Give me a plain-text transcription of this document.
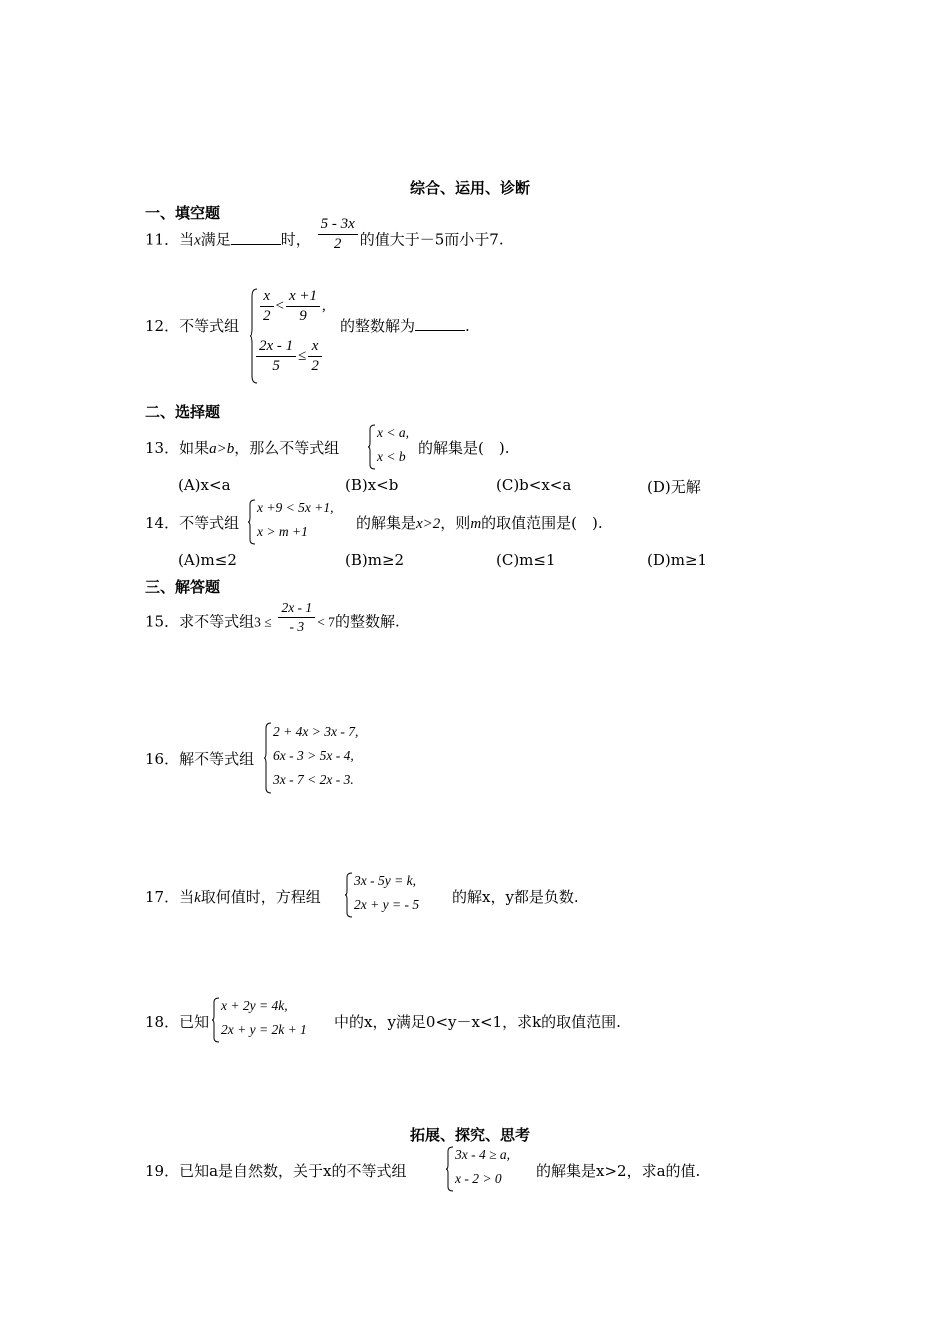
综合、运用、诊断
一、填空题
11．当x满足	时， $\frac{5 - 3x}{2}$ 的值大于－5而小于7.
12．不等式组
$\frac{x}{2} < \frac{x +1}{9}$ ,
$\frac{2x - 1}{5} \le \frac{x}{2}$
的整数解为	.
二、选择题
13．如果a>b，那么不等式组
x < a,
x < b 的解集是(　).
(A)x<a	(B)x<b	(C)b<x<a	(D)无解
14．不等式组
x +9 < 5x +1,
x > m +1	的解集是x>2，则m的取值范围是(　).
(A)m≤2	(B)m≥2	(C)m≤1	(D)m≥1
三、解答题
15．求不等式组$3 \le \frac{2x - 1}{- 3} < 7$的整数解.
16．解不等式组
2 + 4x > 3x - 7,
6x - 3 > 5x - 4,
3x - 7 < 2x - 3.
17．当k取何值时，方程组
3x - 5y = k,
2x + y = - 5 的解x，y都是负数.
18．已知
x + 2y = 4k,
2x + y = 2k + 1 中的x，y满足0<y－x<1，求k的取值范围.
拓展、探究、思考
19．已知a是自然数，关于x的不等式组
3x - 4 ≥ a,
x - 2 > 0 的解集是x>2，求a的值.
